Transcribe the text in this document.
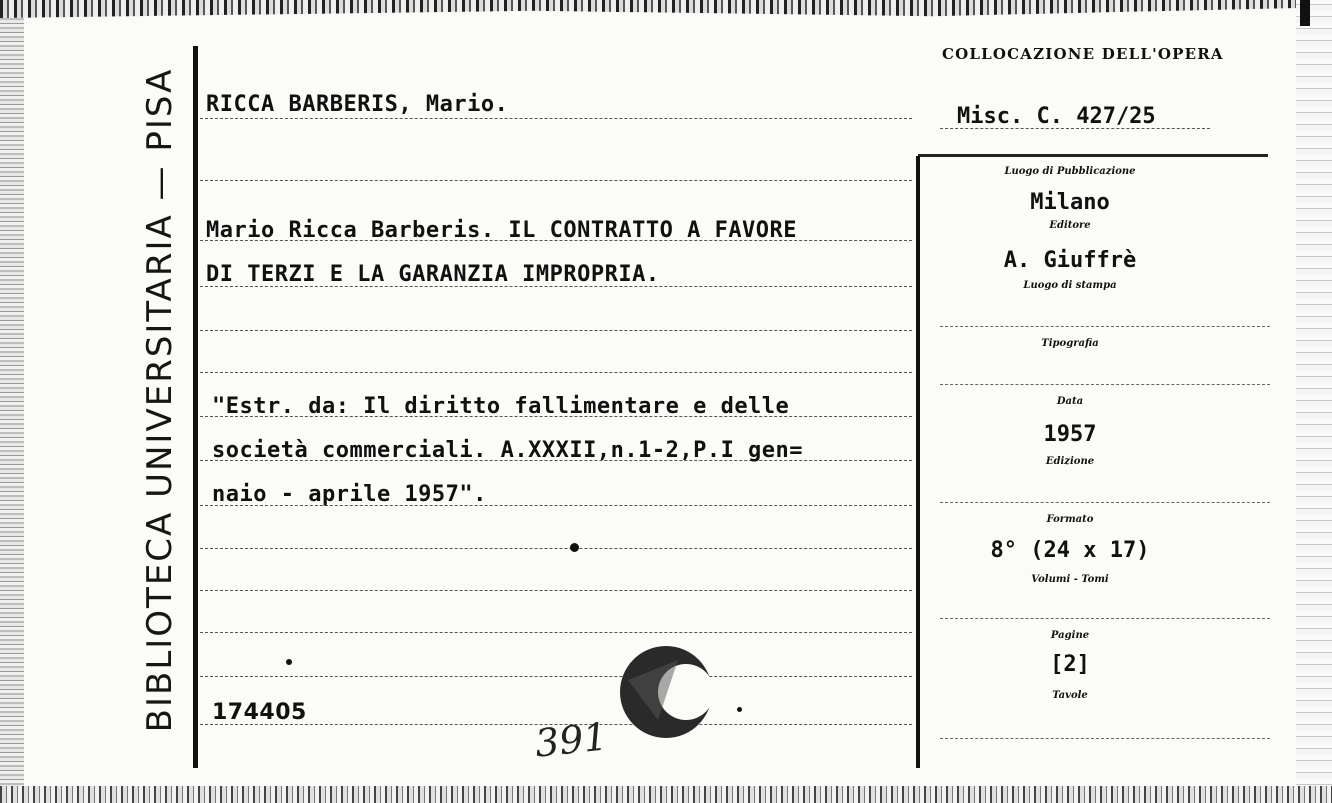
BIBLIOTECA UNIVERSITARIA — PISA RICCA BARBERIS, Mario.
Mario Ricca Barberis. IL CONTRATTO A FAVORE
DI TERZI E LA GARANZIA IMPROPRIA.
"Estr. da: Il diritto fallimentare e delle
società commerciali. A.XXXII,n.1-2,P.I gen=
naio - aprile 1957".
174405
391
COLLOCAZIONE DELL'OPERA
Misc. C. 427/25
Luogo di Pubblicazione
Milano
Editore
A. Giuffrè
Luogo di stampa
Tipografia
Data
1957
Edizione
Formato
8° (24 x 17)
Volumi - Tomi
Pagine
[2]
Tavole
